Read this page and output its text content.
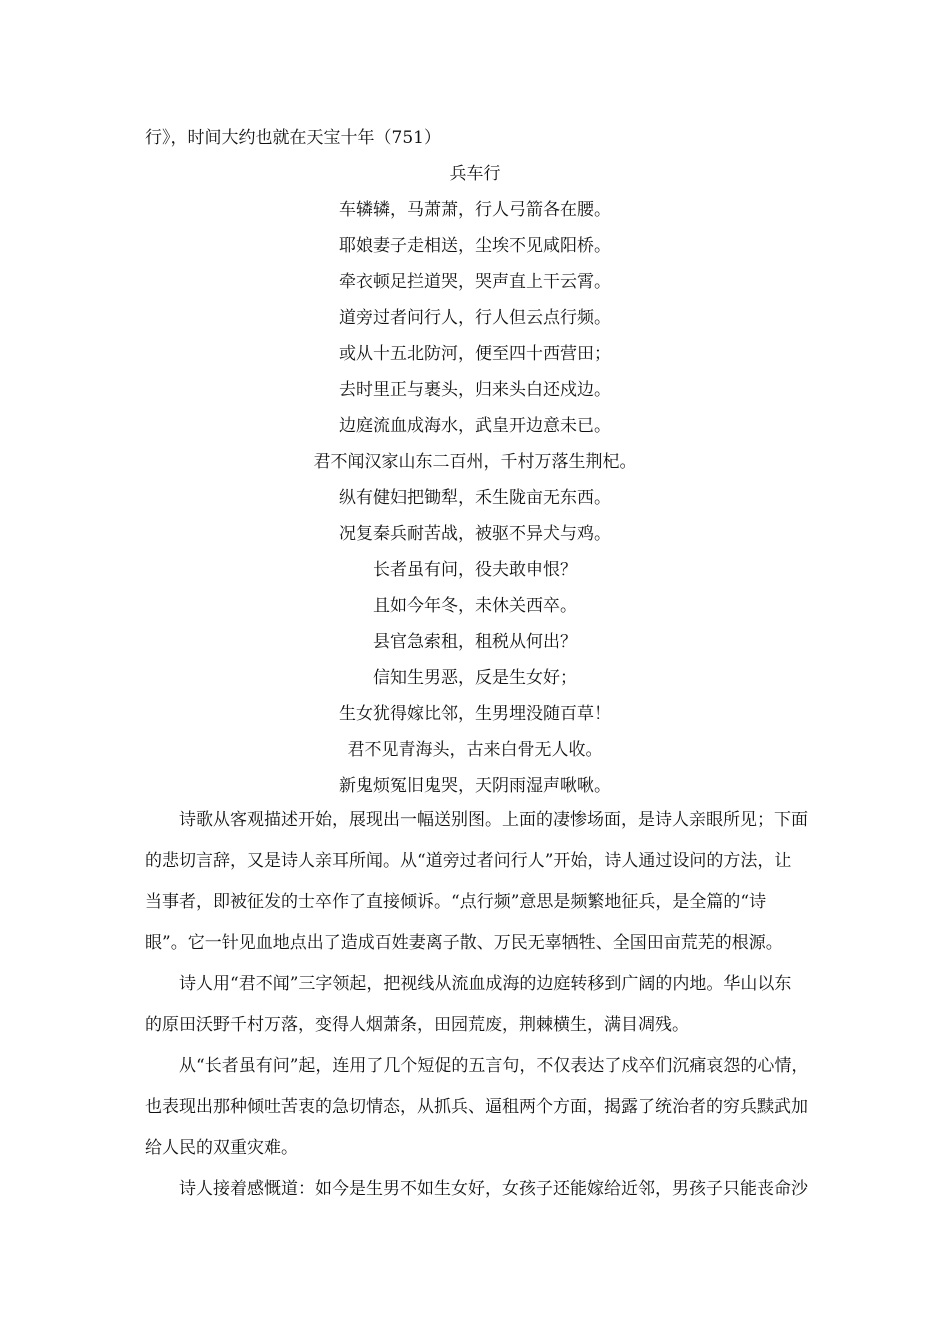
行》，时间大约也就在天宝十年（751）
兵车行
车辚辚，马萧萧，行人弓箭各在腰。
耶娘妻子走相送，尘埃不见咸阳桥。
牵衣顿足拦道哭，哭声直上干云霄。
道旁过者问行人，行人但云点行频。
或从十五北防河，便至四十西营田；
去时里正与裹头，归来头白还戍边。
边庭流血成海水，武皇开边意未已。
君不闻汉家山东二百州，千村万落生荆杞。
纵有健妇把锄犁，禾生陇亩无东西。
况复秦兵耐苦战，被驱不异犬与鸡。
长者虽有问，役夫敢申恨？
且如今年冬，未休关西卒。
县官急索租，租税从何出？
信知生男恶，反是生女好；
生女犹得嫁比邻，生男埋没随百草！
君不见青海头，古来白骨无人收。
新鬼烦冤旧鬼哭，天阴雨湿声啾啾。
诗歌从客观描述开始，展现出一幅送别图。上面的凄惨场面，是诗人亲眼所见；下面
的悲切言辞，又是诗人亲耳所闻。从“道旁过者问行人”开始，诗人通过设问的方法，让
当事者，即被征发的士卒作了直接倾诉。“点行频”意思是频繁地征兵，是全篇的“诗
眼”。它一针见血地点出了造成百姓妻离子散、万民无辜牺牲、全国田亩荒芜的根源。
诗人用“君不闻”三字领起，把视线从流血成海的边庭转移到广阔的内地。华山以东
的原田沃野千村万落，变得人烟萧条，田园荒废，荆棘横生，满目凋残。
从“长者虽有问”起，连用了几个短促的五言句，不仅表达了戍卒们沉痛哀怨的心情，
也表现出那种倾吐苦衷的急切情态，从抓兵、逼租两个方面，揭露了统治者的穷兵黩武加
给人民的双重灾难。
诗人接着感慨道：如今是生男不如生女好，女孩子还能嫁给近邻，男孩子只能丧命沙
